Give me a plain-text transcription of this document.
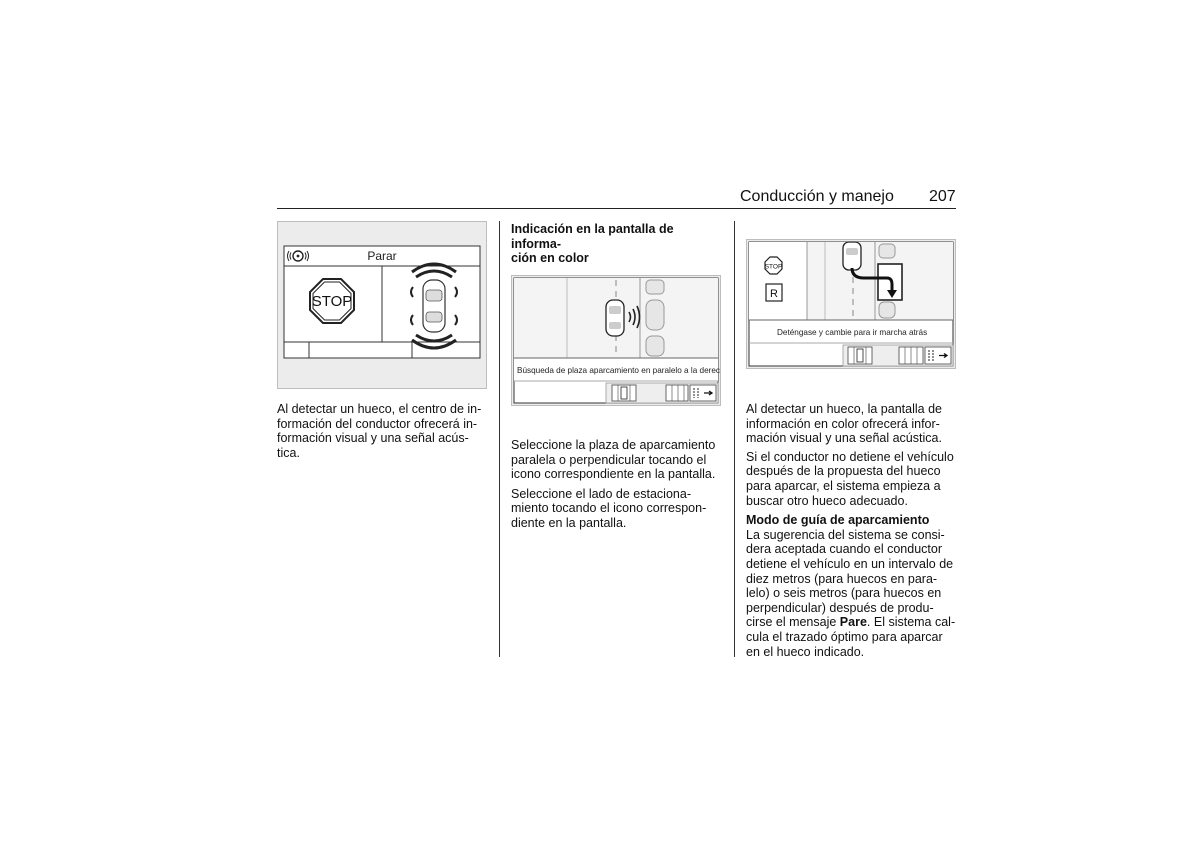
Conducción y manejo 207
Parar
STOP
Búsqueda de plaza aparcamiento en paralelo a la derecha
STOP
R
Deténgase y cambie para ir marcha atrás

Al detectar un hueco, el centro de in-
formación del conductor ofrecerá in-
formación visual y una señal acús-
tica.

Indicación en la pantalla de informa-
ción en color

Seleccione la plaza de aparcamiento
paralela o perpendicular tocando el
icono correspondiente en la pantalla.

Seleccione el lado de estaciona-
miento tocando el icono correspon-
diente en la pantalla.

Al detectar un hueco, la pantalla de
información en color ofrecerá infor-
mación visual y una señal acústica.

Si el conductor no detiene el vehículo
después de la propuesta del hueco
para aparcar, el sistema empieza a
buscar otro hueco adecuado.

Modo de guía de aparcamiento

La sugerencia del sistema se consi-
dera aceptada cuando el conductor
detiene el vehículo en un intervalo de
diez metros (para huecos en para-
lelo) o seis metros (para huecos en
perpendicular) después de produ-
cirse el mensaje Pare. El sistema cal-
cula el trazado óptimo para aparcar
en el hueco indicado.
